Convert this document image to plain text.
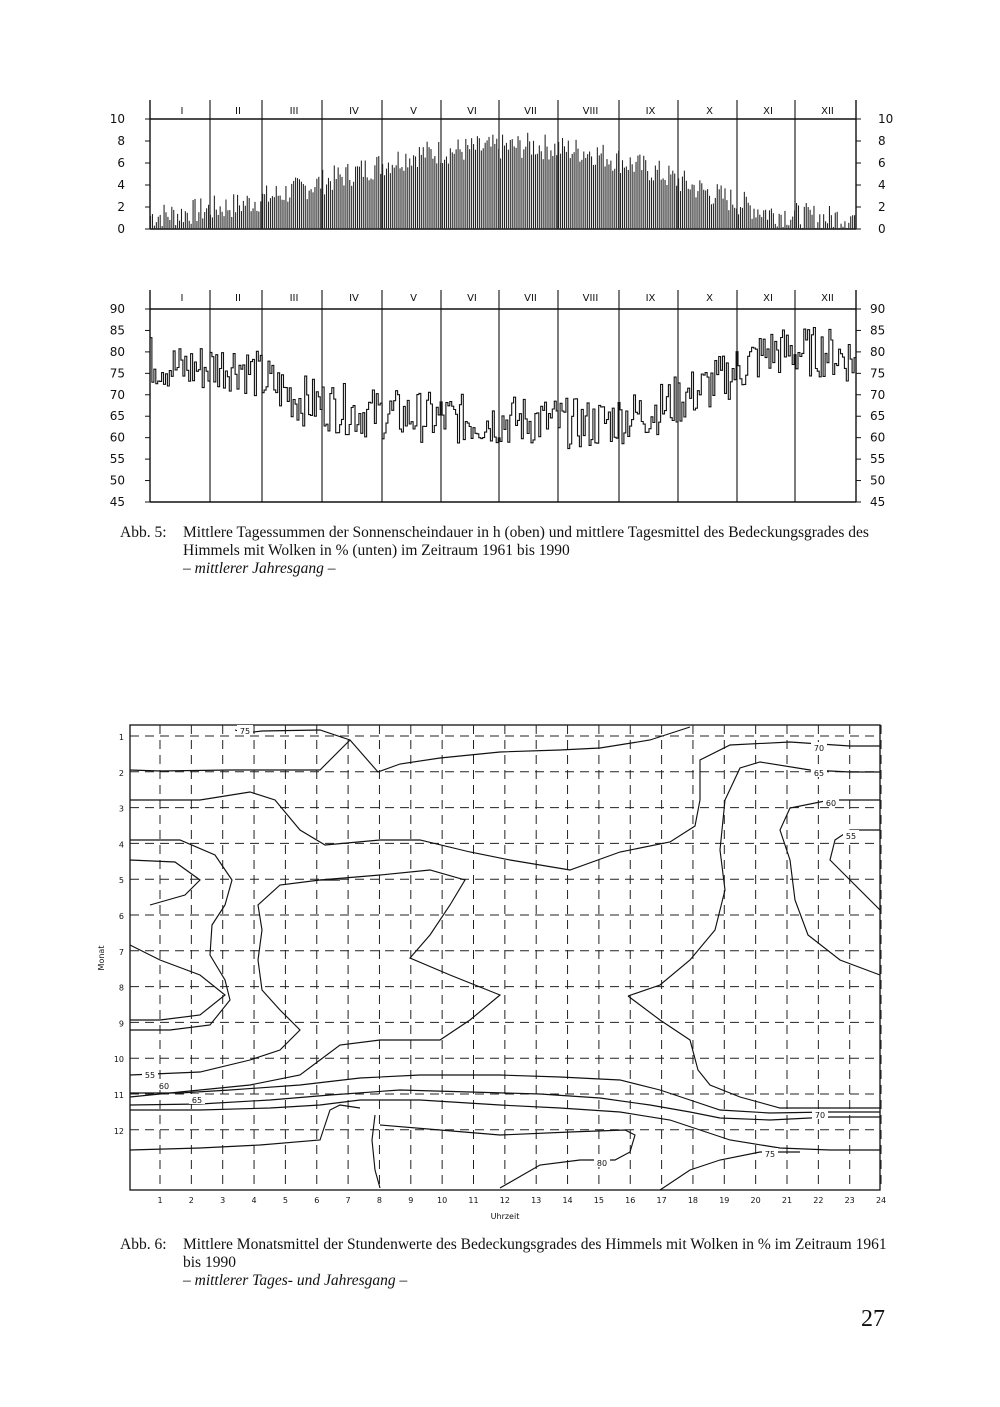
I	II	III	IV	V	VI	VII	VIII	IX	X	XI	XII
0	0
2	2
4	4
6	6
8	8
10	10
I	II	III	IV	V	VI	VII	VIII	IX	X	XI	XII
45	45
50	50
55	55
60	60
65	65
70	70
75	75
80	80
85	85
90	90
1	2	3	4	5	6	7	8	9	10	11	12	13	14	15	16	17	18	19	20	21	22	23	24
1
2
3
4
5
6
7
8
9
10
11
12
Uhrzeit
Monat
75
70
65
60
55
55
60
65
70
75
80
Abb. 5: Mittlere Tagessummen der Sonnenscheindauer in h (oben) und mittlere Tagesmittel des Bedeckungsgrades des Himmels mit Wolken in % (unten) im Zeitraum 1961 bis 1990
– mittlerer Jahresgang –
Abb. 6: Mittlere Monatsmittel der Stundenwerte des Bedeckungsgrades des Himmels mit Wolken in % im Zeitraum 1961 bis 1990
– mittlerer Tages- und Jahresgang –
27
